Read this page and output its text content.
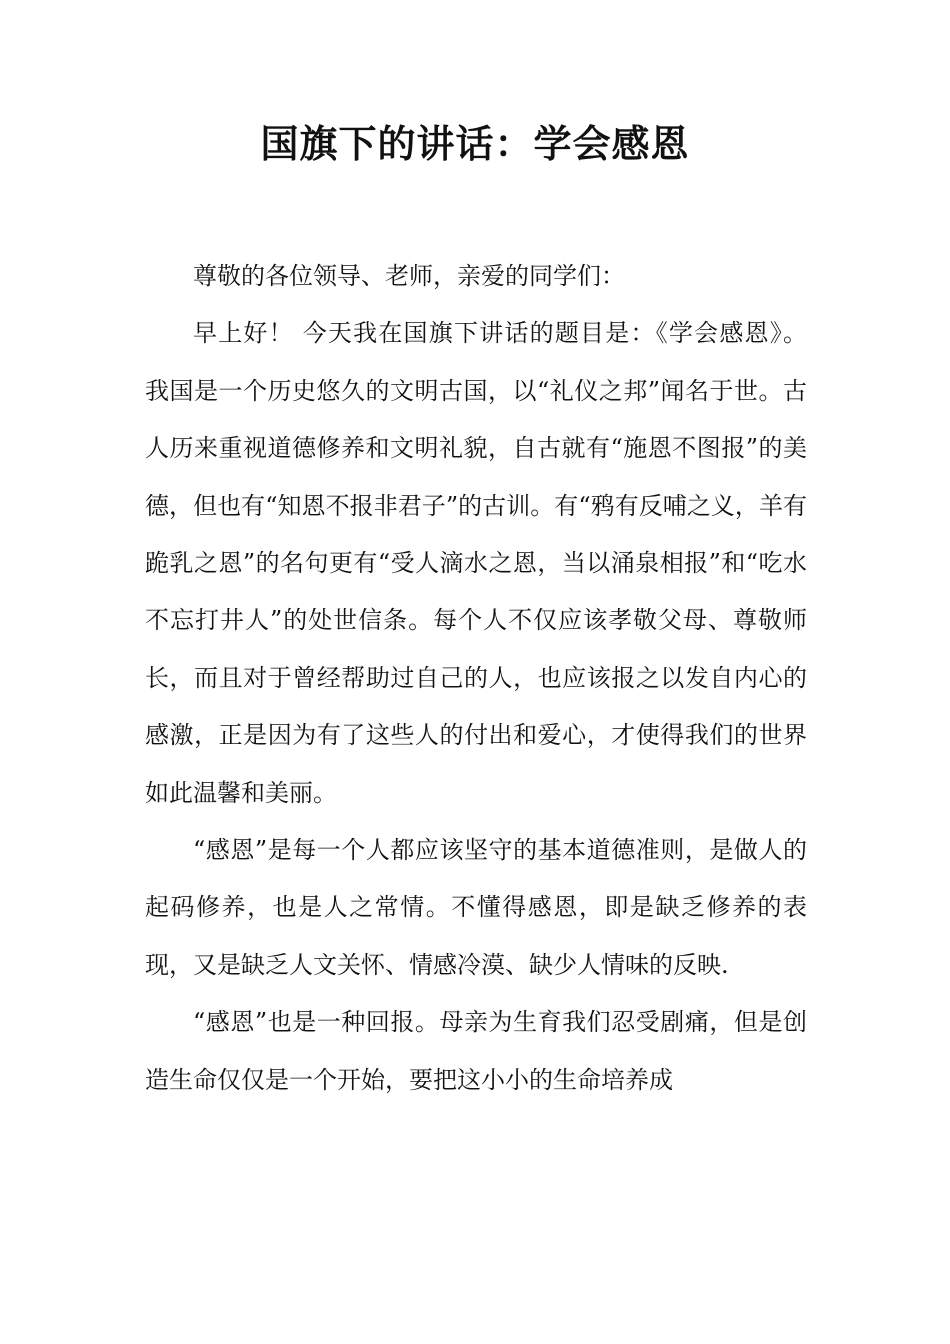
国旗下的讲话：学会感恩

尊敬的各位领导、老师，亲爱的同学们：

早上好！ 今天我在国旗下讲话的题目是：《学会感恩》。 我国是一个历史悠久的文明古国，以“礼仪之邦”闻名于世。古人历来重视道德修养和文明礼貌，自古就有“施恩不图报”的美德，但也有“知恩不报非君子”的古训。有“鸦有反哺之义，羊有跪乳之恩”的名句更有“受人滴水之恩，当以涌泉相报”和“吃水不忘打井人”的处世信条。每个人不仅应该孝敬父母、尊敬师长，而且对于曾经帮助过自己的人，也应该报之以发自内心的感激，正是因为有了这些人的付出和爱心，才使得我们的世界如此温馨和美丽。

“感恩”是每一个人都应该坚守的基本道德准则，是做人的起码修养，也是人之常情。不懂得感恩，即是缺乏修养的表现，又是缺乏人文关怀、情感冷漠、缺少人情味的反映.

“感恩”也是一种回报。母亲为生育我们忍受剧痛，但是创造生命仅仅是一个开始，要把这小小的生命培养成
